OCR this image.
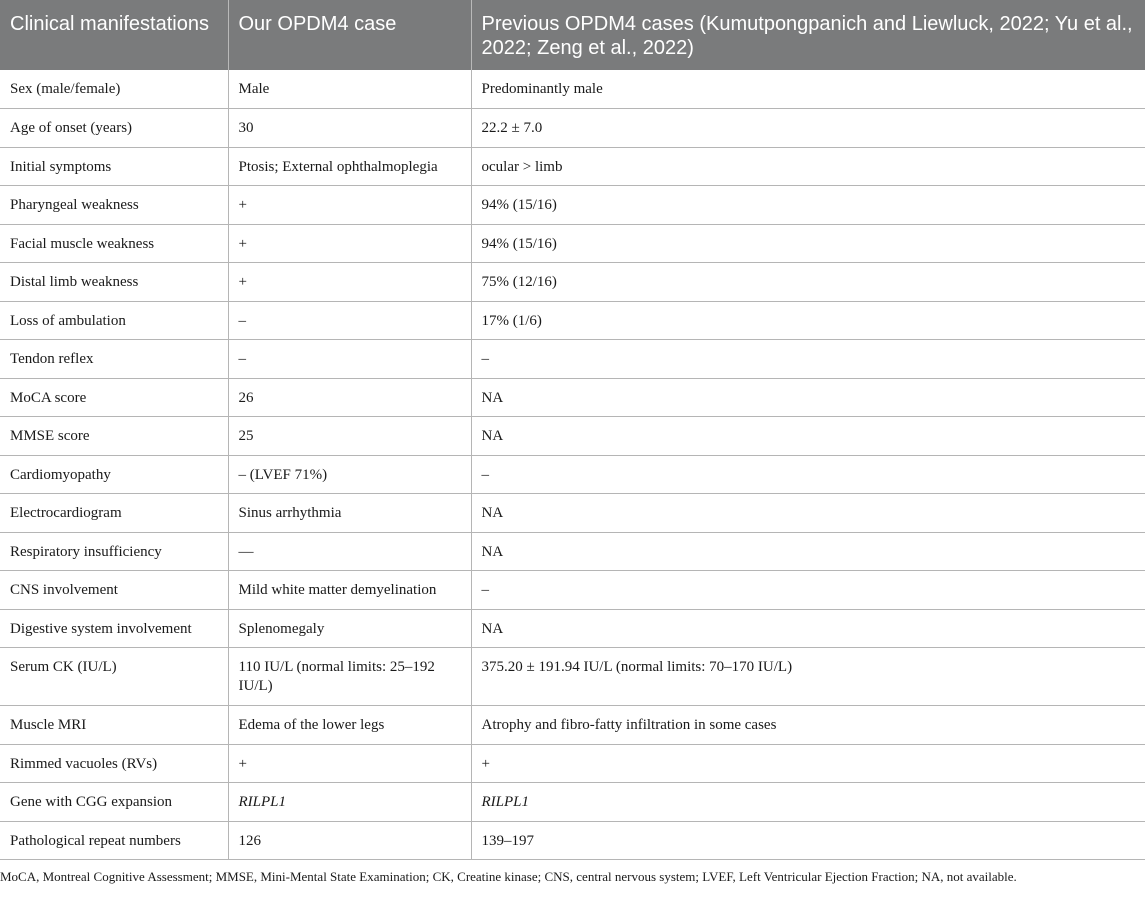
Clinical manifestations	Our OPDM4 case	Previous OPDM4 cases (Kumutpongpanich and Liewluck, 2022; Yu et al., 2022; Zeng et al., 2022)
Sex (male/female)	Male	Predominantly male
Age of onset (years)	30	22.2 ± 7.0
Initial symptoms	Ptosis; External ophthalmoplegia	ocular > limb
Pharyngeal weakness	+	94% (15/16)
Facial muscle weakness	+	94% (15/16)
Distal limb weakness	+	75% (12/16)
Loss of ambulation	–	17% (1/6)
Tendon reflex	–	–
MoCA score	26	NA
MMSE score	25	NA
Cardiomyopathy	– (LVEF 71%)	–
Electrocardiogram	Sinus arrhythmia	NA
Respiratory insufficiency	—	NA
CNS involvement	Mild white matter demyelination	–
Digestive system involvement	Splenomegaly	NA
Serum CK (IU/L)	110 IU/L (normal limits: 25–192 IU/L)	375.20 ± 191.94 IU/L (normal limits: 70–170 IU/L)
Muscle MRI	Edema of the lower legs	Atrophy and fibro-fatty infiltration in some cases
Rimmed vacuoles (RVs)	+	+
Gene with CGG expansion	RILPL1	RILPL1
Pathological repeat numbers	126	139–197
MoCA, Montreal Cognitive Assessment; MMSE, Mini-Mental State Examination; CK, Creatine kinase; CNS, central nervous system; LVEF, Left Ventricular Ejection Fraction; NA, not available.
